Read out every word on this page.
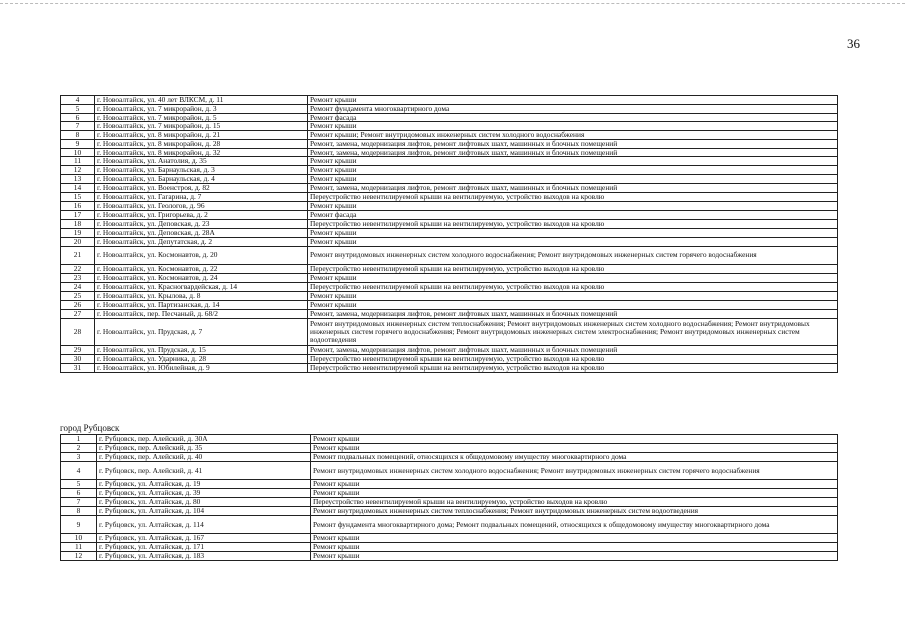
36
4	г. Новоалтайск, ул. 40 лет ВЛКСМ, д. 11	Ремонт крыши
5	г. Новоалтайск, ул. 7 микрорайон, д. 3	Ремонт фундамента многоквартирного дома
6	г. Новоалтайск, ул. 7 микрорайон, д. 5	Ремонт фасада
7	г. Новоалтайск, ул. 7 микрорайон, д. 15	Ремонт крыши
8	г. Новоалтайск, ул. 8 микрорайон, д. 21	Ремонт крыши; Ремонт внутридомовых инженерных систем холодного водоснабжения
9	г. Новоалтайск, ул. 8 микрорайон, д. 28	Ремонт, замена, модернизация лифтов, ремонт лифтовых шахт, машинных и блочных помещений
10	г. Новоалтайск, ул. 8 микрорайон, д. 32	Ремонт, замена, модернизация лифтов, ремонт лифтовых шахт, машинных и блочных помещений
11	г. Новоалтайск, ул. Анатолия, д. 35	Ремонт крыши
12	г. Новоалтайск, ул. Барнаульская, д. 3	Ремонт крыши
13	г. Новоалтайск, ул. Барнаульская, д. 4	Ремонт крыши
14	г. Новоалтайск, ул. Военстроя, д. 82	Ремонт, замена, модернизация лифтов, ремонт лифтовых шахт, машинных и блочных помещений
15	г. Новоалтайск, ул. Гагарина, д. 7	Переустройство невентилируемой крыши на вентилируемую, устройство выходов на кровлю
16	г. Новоалтайск, ул. Геологов, д. 96	Ремонт крыши
17	г. Новоалтайск, ул. Григорьева, д. 2	Ремонт фасада
18	г. Новоалтайск, ул. Деповская, д. 23	Переустройство невентилируемой крыши на вентилируемую, устройство выходов на кровлю
19	г. Новоалтайск, ул. Деповская, д. 28А	Ремонт крыши
20	г. Новоалтайск, ул. Депутатская, д. 2	Ремонт крыши
21	г. Новоалтайск, ул. Космонавтов, д. 20	Ремонт внутридомовых инженерных систем холодного водоснабжения; Ремонт внутридомовых инженерных систем горячего водоснабжения
22	г. Новоалтайск, ул. Космонавтов, д. 22	Переустройство невентилируемой крыши на вентилируемую, устройство выходов на кровлю
23	г. Новоалтайск, ул. Космонавтов, д. 24	Ремонт крыши
24	г. Новоалтайск, ул. Красногвардейская, д. 14	Переустройство невентилируемой крыши на вентилируемую, устройство выходов на кровлю
25	г. Новоалтайск, ул. Крылова, д. 8	Ремонт крыши
26	г. Новоалтайск, ул. Партизанская, д. 14	Ремонт крыши
27	г. Новоалтайск, пер. Песчаный, д. 68/2	Ремонт, замена, модернизация лифтов, ремонт лифтовых шахт, машинных и блочных помещений
28	г. Новоалтайск, ул. Прудская, д. 7	Ремонт внутридомовых инженерных систем теплоснабжения; Ремонт внутридомовых инженерных систем холодного водоснабжения; Ремонт внутридомовых инженерных систем горячего водоснабжения; Ремонт внутридомовых инженерных систем электроснабжения; Ремонт внутридомовых инженерных систем водоотведения
29	г. Новоалтайск, ул. Прудская, д. 15	Ремонт, замена, модернизация лифтов, ремонт лифтовых шахт, машинных и блочных помещений
30	г. Новоалтайск, ул. Ударника, д. 28	Переустройство невентилируемой крыши на вентилируемую, устройство выходов на кровлю
31	г. Новоалтайск, ул. Юбилейная, д. 9	Переустройство невентилируемой крыши на вентилируемую, устройство выходов на кровлю
город Рубцовск
1	г. Рубцовск, пер. Алейский, д. 30А	Ремонт крыши
2	г. Рубцовск, пер. Алейский, д. 35	Ремонт крыши
3	г. Рубцовск, пер. Алейский, д. 40	Ремонт подвальных помещений, относящихся к общедомовому имуществу многоквартирного дома
4	г. Рубцовск, пер. Алейский, д. 41	Ремонт внутридомовых инженерных систем холодного водоснабжения; Ремонт внутридомовых инженерных систем горячего водоснабжения
5	г. Рубцовск, ул. Алтайская, д. 19	Ремонт крыши
6	г. Рубцовск, ул. Алтайская, д. 39	Ремонт крыши
7	г. Рубцовск, ул. Алтайская, д. 80	Переустройство невентилируемой крыши на вентилируемую, устройство выходов на кровлю
8	г. Рубцовск, ул. Алтайская, д. 104	Ремонт внутридомовых инженерных систем теплоснабжения; Ремонт внутридомовых инженерных систем водоотведения
9	г. Рубцовск, ул. Алтайская, д. 114	Ремонт фундамента многоквартирного дома; Ремонт подвальных помещений, относящихся к общедомовому имуществу многоквартирного дома
10	г. Рубцовск, ул. Алтайская, д. 167	Ремонт крыши
11	г. Рубцовск, ул. Алтайская, д. 171	Ремонт крыши
12	г. Рубцовск, ул. Алтайская, д. 183	Ремонт крыши
